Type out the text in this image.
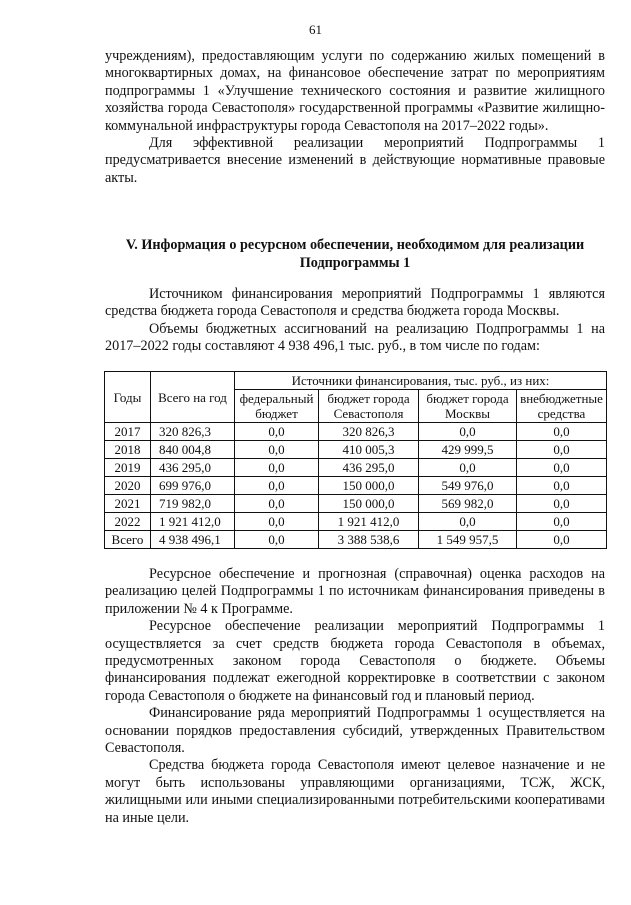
61

учреждениям), предоставляющим услуги по содержанию жилых помещений в многоквартирных домах, на финансовое обеспечение затрат по мероприятиям подпрограммы 1 «Улучшение технического состояния и развитие жилищного хозяйства города Севастополя» государственной программы «Развитие жилищно-коммунальной инфраструктуры города Севастополя на 2017–2022 годы».

Для эффективной реализации мероприятий Подпрограммы 1 предусматривается внесение изменений в действующие нормативные правовые акты.

V. Информация о ресурсном обеспечении, необходимом для реализации Подпрограммы 1

Источником финансирования мероприятий Подпрограммы 1 являются средства бюджета города Севастополя и средства бюджета города Москвы.

Объемы бюджетных ассигнований на реализацию Подпрограммы 1 на 2017–2022 годы составляют 4 938 496,1 тыс. руб., в том числе по годам:

Годы	Всего на год	Источники финансирования, тыс. руб., из них:			
		федеральный бюджет	бюджет города Севастополя	бюджет города Москвы	внебюджетные средства
2017	320 826,3	0,0	320 826,3	0,0	0,0
2018	840 004,8	0,0	410 005,3	429 999,5	0,0
2019	436 295,0	0,0	436 295,0	0,0	0,0
2020	699 976,0	0,0	150 000,0	549 976,0	0,0
2021	719 982,0	0,0	150 000,0	569 982,0	0,0
2022	1 921 412,0	0,0	1 921 412,0	0,0	0,0
Всего	4 938 496,1	0,0	3 388 538,6	1 549 957,5	0,0

Ресурсное обеспечение и прогнозная (справочная) оценка расходов на реализацию целей Подпрограммы 1 по источникам финансирования приведены в приложении № 4 к Программе.

Ресурсное обеспечение реализации мероприятий Подпрограммы 1 осуществляется за счет средств бюджета города Севастополя в объемах, предусмотренных законом города Севастополя о бюджете. Объемы финансирования подлежат ежегодной корректировке в соответствии с законом города Севастополя о бюджете на финансовый год и плановый период.

Финансирование ряда мероприятий Подпрограммы 1 осуществляется на основании порядков предоставления субсидий, утвержденных Правительством Севастополя.

Средства бюджета города Севастополя имеют целевое назначение и не могут быть использованы управляющими организациями, ТСЖ, ЖСК, жилищными или иными специализированными потребительскими кооперативами на иные цели.
